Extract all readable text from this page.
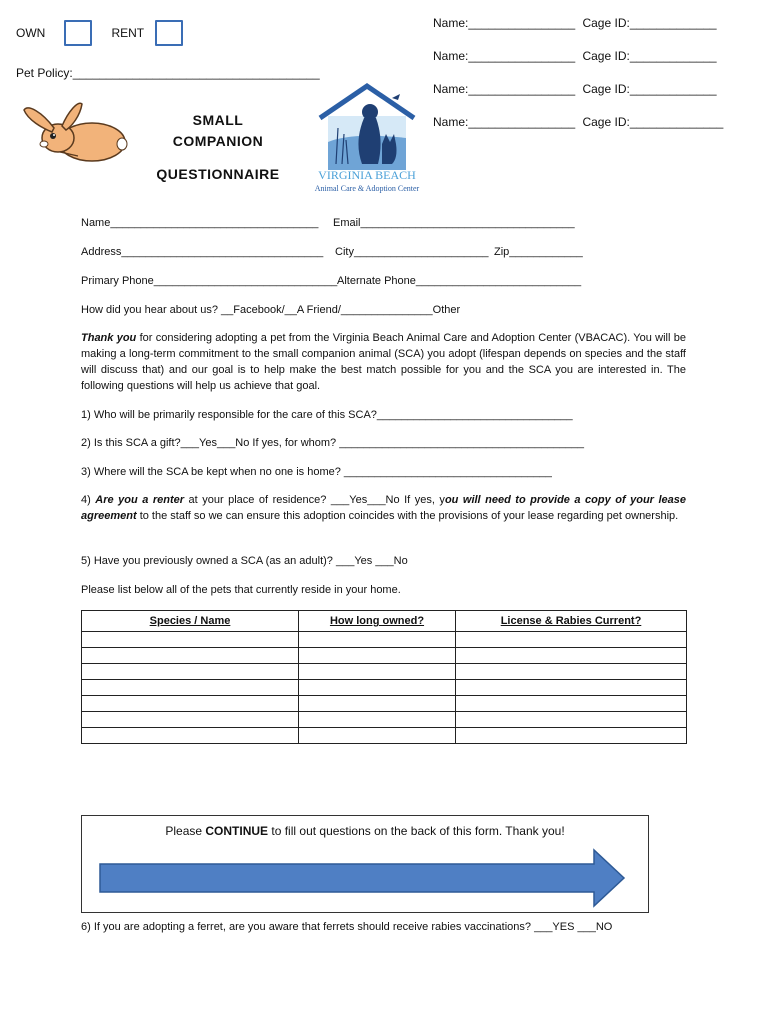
OWN	RENT
Pet Policy:_____________________________________
Name:________________ Cage ID:_____________
Name:________________ Cage ID:_____________
Name:________________ Cage ID:_____________
Name:________________ Cage ID:______________
SMALL
COMPANION
QUESTIONNAIRE	VIRGINIA BEACH
Animal Care & Adoption Center
Name__________________________________ Email___________________________________
Address_________________________________ City______________________ Zip____________
Primary Phone______________________________ Alternate Phone___________________________
How did you hear about us? __Facebook/__A Friend/_______________Other
Thank you for considering adopting a pet from the Virginia Beach Animal Care and Adoption Center (VBACAC). You will be making a long-term commitment to the small companion animal (SCA) you adopt (lifespan depends on species and the staff will discuss that) and our goal is to help make the best match possible for you and the SCA you are interested in. The following questions will help us achieve that goal.
1) Who will be primarily responsible for the care of this SCA?________________________________
2) Is this SCA a gift?___Yes___No If yes, for whom? ________________________________________
3) Where will the SCA be kept when no one is home? __________________________________
4) Are you a renter at your place of residence? ___Yes___No If yes, you will need to provide a copy of your lease agreement to the staff so we can ensure this adoption coincides with the provisions of your lease regarding pet ownership.
5) Have you previously owned a SCA (as an adult)? ___Yes ___No
Please list below all of the pets that currently reside in your home.
Species / Name	How long owned?	License & Rabies Current?

Please CONTINUE to fill out questions on the back of this form. Thank you!
6) If you are adopting a ferret, are you aware that ferrets should receive rabies vaccinations? ___YES ___NO
